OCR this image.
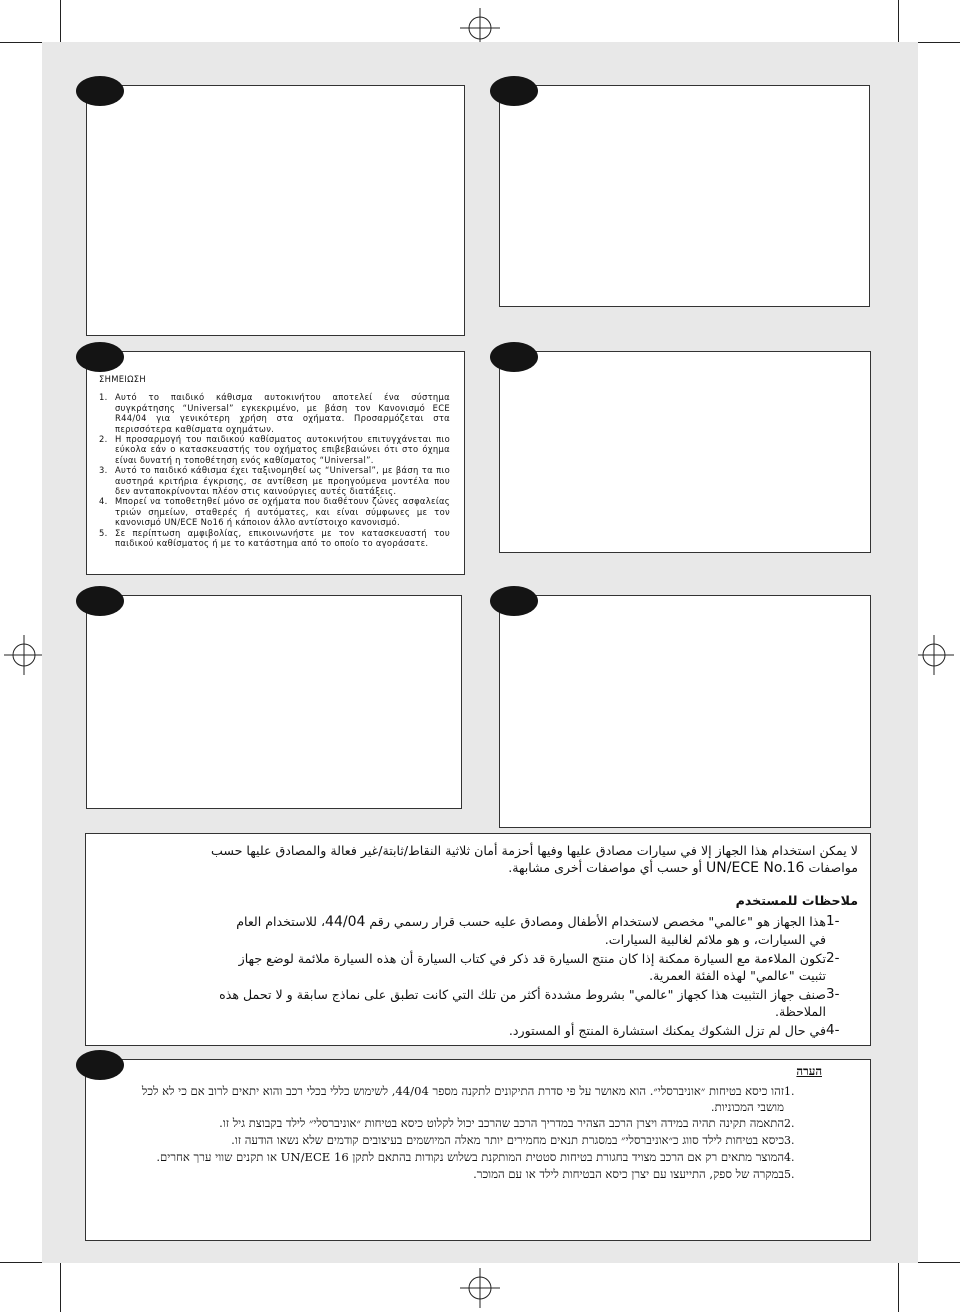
ΣΗΜΕΙΩΣΗ
1. Αυτό το παιδικό κάθισμα αυτοκινήτου αποτελεί ένα σύστημα συγκράτησης “Universal” εγκεκριμένο, με βάση τον Κανονισμό ECE R44/04 για γενικότερη χρήση στα οχήματα. Προσαρμόζεται στα περισσότερα καθίσματα οχημάτων.
2. Η προσαρμογή του παιδικού καθίσματος αυτοκινήτου επιτυγχάνεται πιο εύκολα εάν ο κατασκευαστής του οχήματος επιβεβαιώνει ότι στο όχημα είναι δυνατή η τοποθέτηση ενός καθίσματος “Universal”.
3. Αυτό το παιδικό κάθισμα έχει ταξινομηθεί ως “Universal”, με βάση τα πιο αυστηρά κριτήρια έγκρισης, σε αντίθεση με προηγούμενα μοντέλα που δεν ανταποκρίνονται πλέον στις καινούργιες αυτές διατάξεις.
4. Μπορεί να τοποθετηθεί μόνο σε οχήματα που διαθέτουν ζώνες ασφαλείας τριών σημείων, σταθερές ή αυτόματες, και είναι σύμφωνες με τον κανονισμό UN/ECE No16 ή κάποιον άλλο αντίστοιχο κανονισμό.
5. Σε περίπτωση αμφιβολίας, επικοινωνήστε με τον κατασκευαστή του παιδικού καθίσματος ή με το κατάστημα από το οποίο το αγοράσατε.

لا يمكن استخدام هذا الجهاز إلا في سيارات مصادق عليها وفيها أحزمة أمان ثلاثية النقاط/ثابتة/غير فعالة والمصادق عليها حسب

مواصفات UN/ECE No.16 أو حسب أي مواصفات أخرى مشابهة.

ملاحظات للمستخدم

-1

هذا الجهاز هو "عالمي" مخصص لاستخدام الأطفال ومصادق عليه حسب قرار رسمي رقم 44/04، للاستخدام العام

في السيارات، و هو ملائم لغالبية السيارات.

-2

تكون الملاءمة مع السيارة ممكنة إذا كان منتج السيارة قد ذكر في كتاب السيارة أن هذه السيارة ملائمة لوضع جهاز

تثبيت "عالمي" لهذه الفئة العمرية.

-3

صنف جهاز التثبيت هذا كجهاز "عالمي" بشروط مشددة أكثر من تلك التي كانت تطبق على نماذج سابقة و لا تحمل هذه

الملاحظة.

-4

في حال لم تزل الشكوك يمكنك استشارة المنتج أو المستورد.

הערה
.1
זהו כיסא בטיחות ״אוניברסלי״. הוא מאושר על פי סדרת התיקונים לתקנה מספר 44/04, לשימוש כללי בכלי רכב והוא יתאים לרוב אם כי לא לכל מושבי המכוניות.
.2
התאמה תקינה תהיה במידה ויצרן הרכב הצהיר במדריך הרכב שהרכב יכול לקלוט כיסא בטיחות ״אוניברסלי״ לילד בקבוצת גיל זו.
.3
כיסא בטיחות לילד סווג כ״אוניברסלי״ במסגרת תנאים מחמירים יותר מאלה המיושמים בעיצובים קודמים שלא נשאו הודעה זו.
.4
המוצר מתאים רק אם הרכב מצויד בחגורת בטיחות סטטית המותקנת בשלוש נקודות בהתאם לתקן UN/ECE 16 או תקנים שווי ערך אחרים.
.5
במקרה של ספק, התייעצו עם יצרן כיסא הבטיחות לילד או עם המוכר.
